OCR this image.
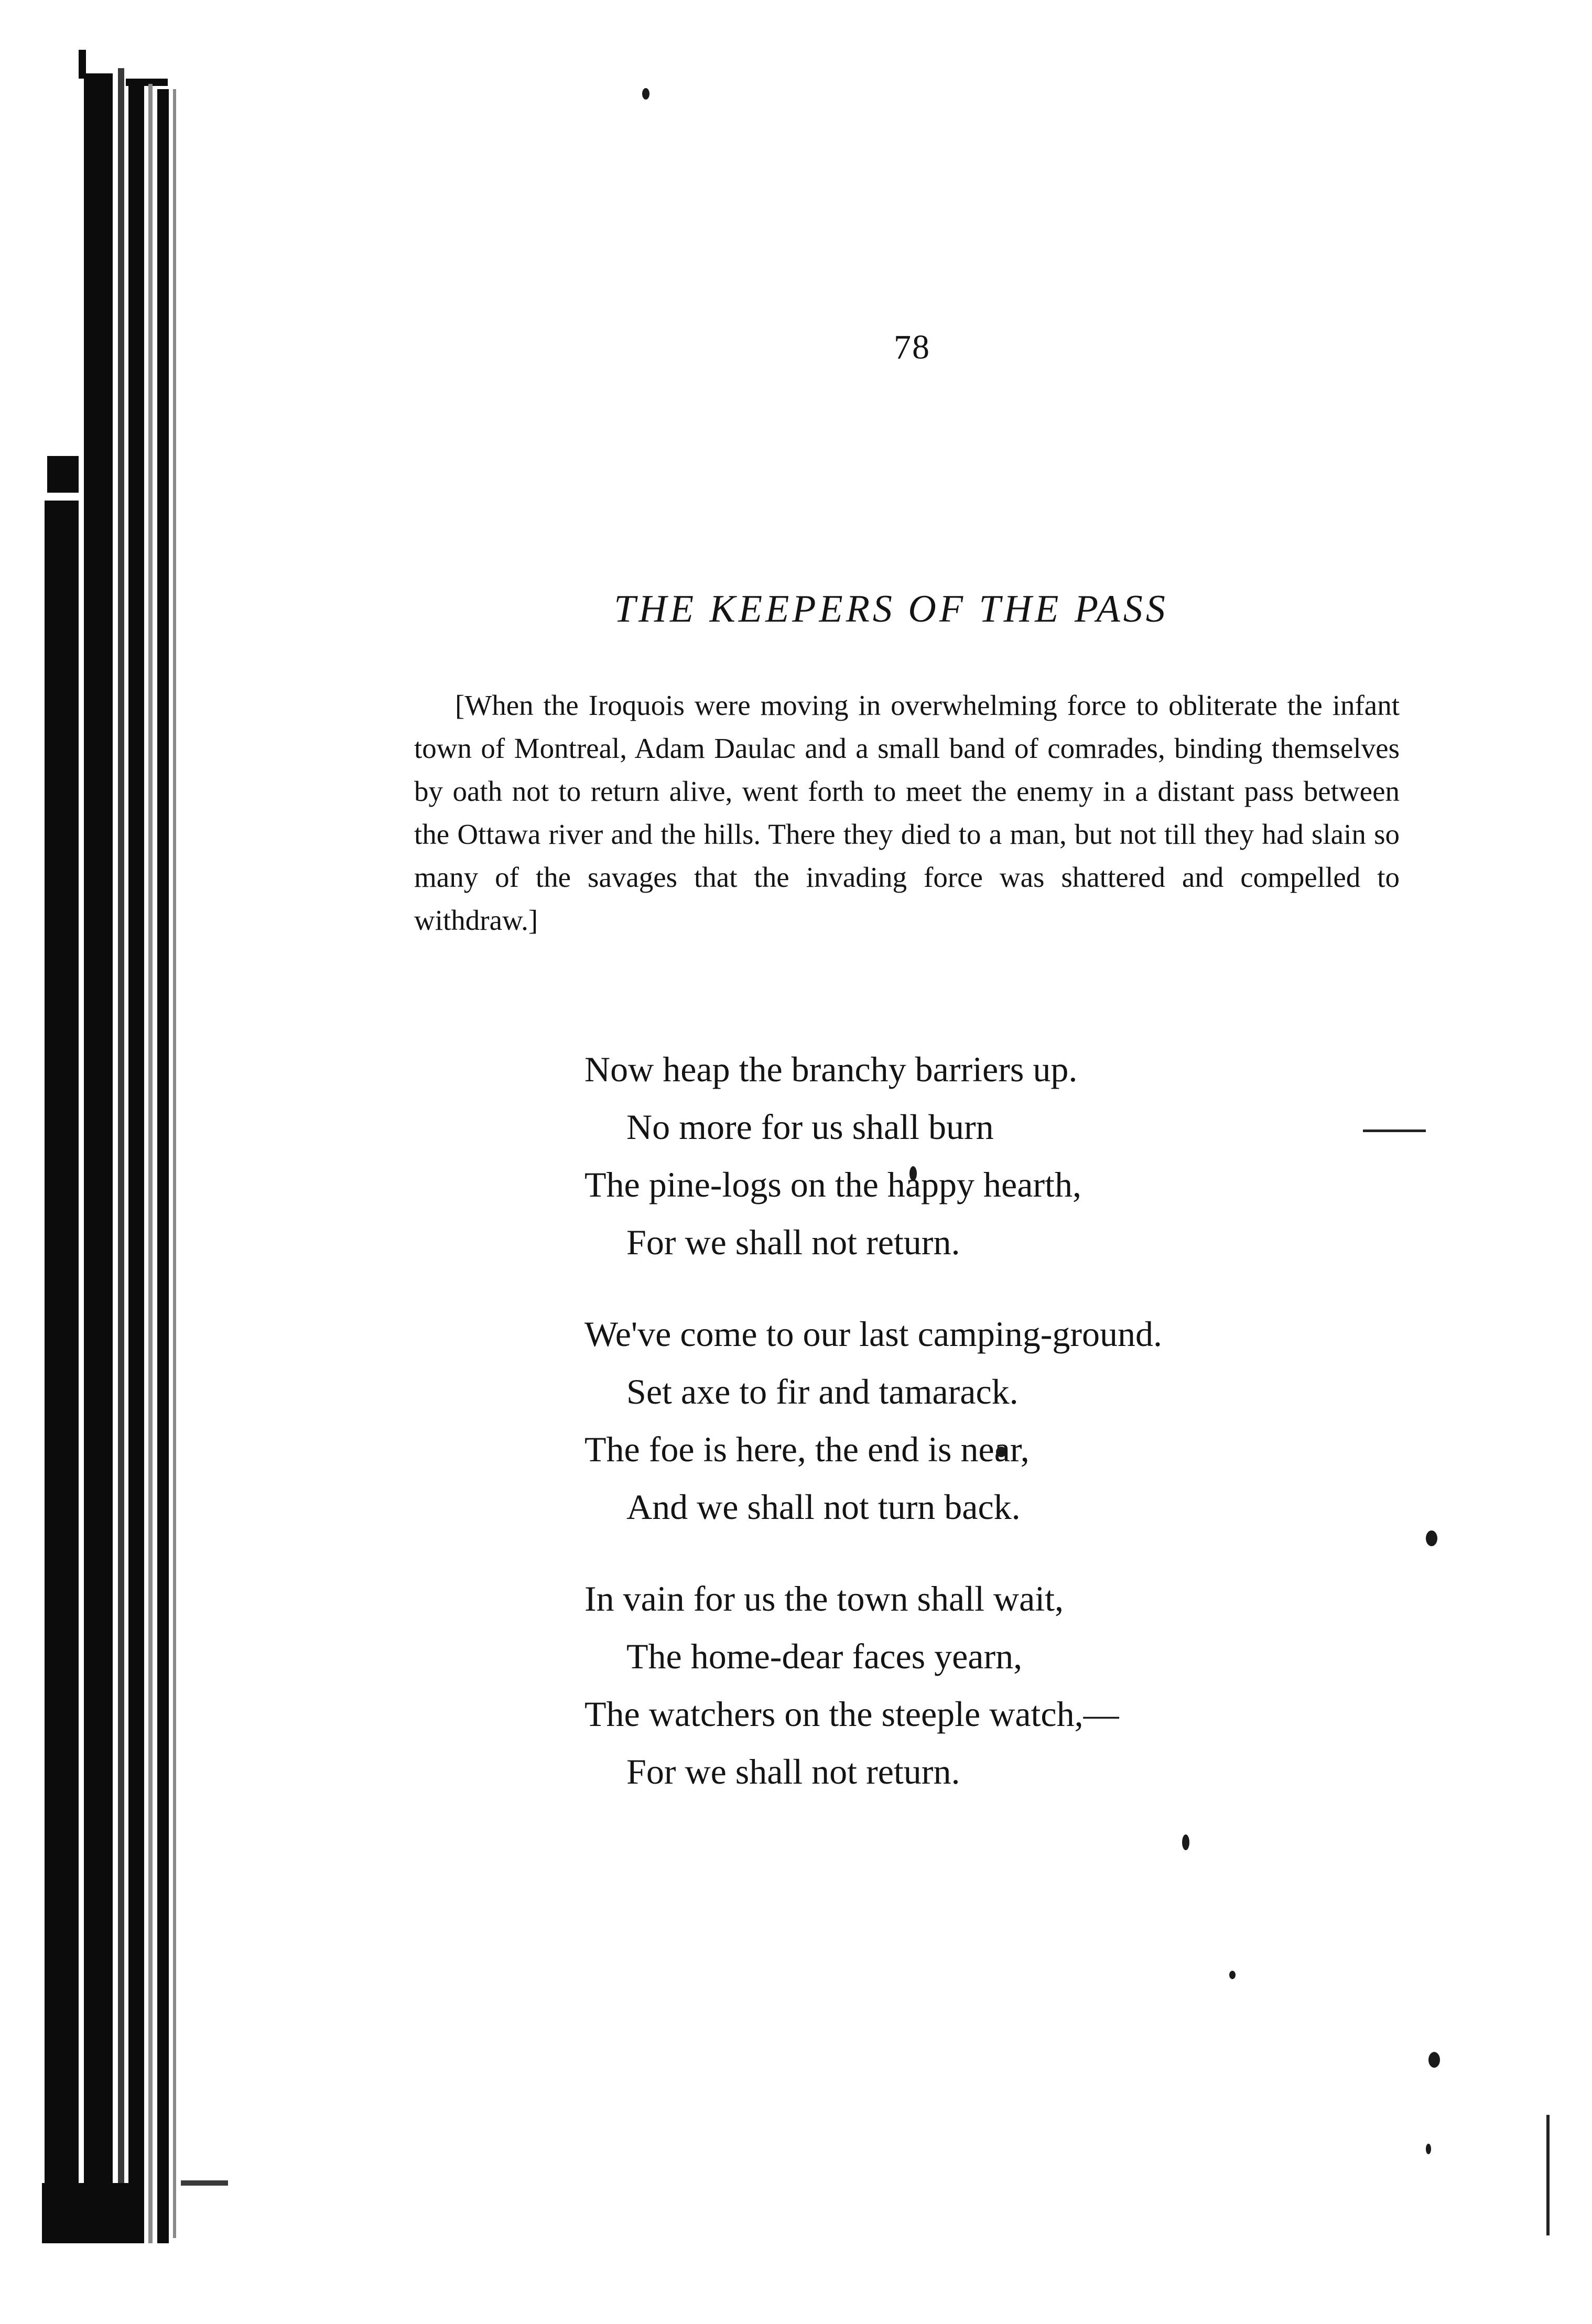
78
THE KEEPERS OF THE PASS

[When the Iroquois were moving in overwhelming force to obliterate the infant town of Montreal, Adam Daulac and a small band of comrades, binding themselves by oath not to return alive, went forth to meet the enemy in a distant pass between the Ottawa river and the hills. There they died to a man, but not till they had slain so many of the savages that the invading force was shattered and compelled to withdraw.]

Now heap the branchy barriers up.

No more for us shall burn

The pine-logs on the happy hearth,

For we shall not return.

We've come to our last camping-ground.

Set axe to fir and tamarack.

The foe is here, the end is near,

And we shall not turn back.

In vain for us the town shall wait,

The home-dear faces yearn,

The watchers on the steeple watch,—

For we shall not return.
